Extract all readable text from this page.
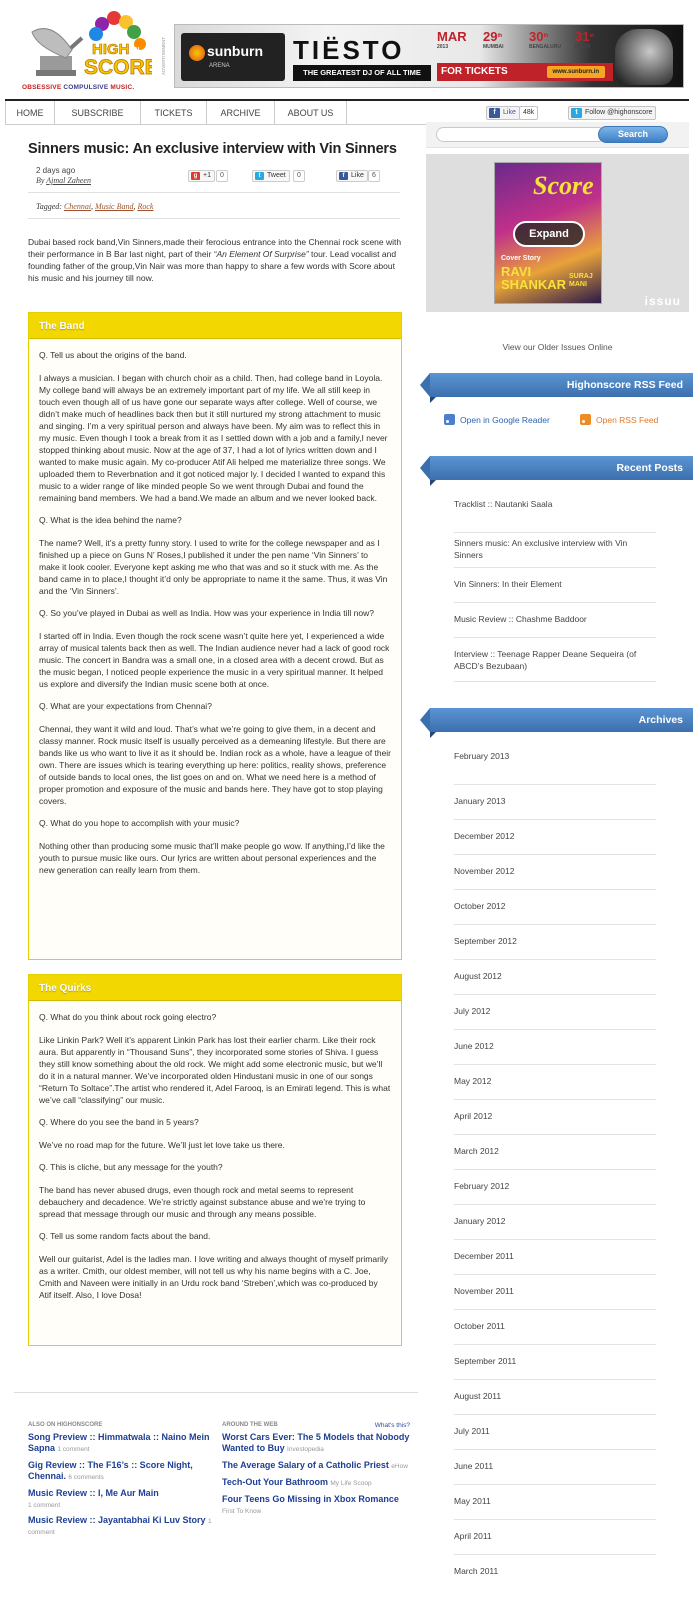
HIGH ON
SCORE
OBSESSIVE COMPULSIVE MUSIC.
ADVERTISEMENT	sunburn
ARENA
TIËSTO
THE GREATEST DJ OF ALL TIME
MAR
2013
29th
MUMBAI
30th
BENGALURU
31st
DELHI
FOR TICKETS	www.sunburn.in
HOME	SUBSCRIBE	TICKETS	ARCHIVE	ABOUT US	f	Like	48k	t	Follow @highonscore
Sinners music: An exclusive interview with Vin Sinners
2 days ago
By Ajmal Zaheen	g +1	0	t Tweet	0	f Like	6
Tagged: Chennai, Music Band, Rock

Dubai based rock band,Vin Sinners,made their ferocious entrance into the Chennai rock scene with their performance in B Bar last night, part of their “An Element Of Surprise” tour. Lead vocalist and founding father of the group,Vin Nair was more than happy to share a few words with Score about his music and his journey till now.

The Band

Q. Tell us about the origins of the band.

I always a musician. I began with church choir as a child. Then, had college band in Loyola. My college band will always be an extremely important part of my life. We all still keep in touch even though all of us have gone our separate ways after college. Well of course, we didn’t make much of headlines back then but it still nurtured my strong attachment to music and singing. I’m a very spiritual person and always have been. My aim was to reflect this in my music. Even though I took a break from it as I settled down with a job and a family,I never stopped thinking about music. Now at the age of 37, I had a lot of lyrics written down and I wanted to make music again. My co-producer Atif Ali helped me materialize three songs. We uploaded them to Reverbnation and it got noticed major ly. I decided I wanted to expand this music to a wider range of like minded people So we went through Dubai and found the remaining band members. We had a band.We made an album and we never looked back.

Q. What is the idea behind the name?

The name? Well, it’s a pretty funny story. I used to write for the college newspaper and as I finished up a piece on Guns N’ Roses,I published it under the pen name ‘Vin Sinners’ to make it look cooler. Everyone kept asking me who that was and so it stuck with me. As the band came in to place,I thought it’d only be appropriate to name it the same. Thus, it was Vin and the ‘Vin Sinners’.

Q. So you’ve played in Dubai as well as India. How was your experience in India till now?

I started off in India. Even though the rock scene wasn’t quite here yet, I experienced a wide array of musical talents back then as well. The Indian audience never had a lack of good rock music. The concert in Bandra was a small one, in a closed area with a decent crowd. But as the music began, I noticed people experience the music in a very spiritual manner. It helped us explore and diversify the Indian music scene both at once.

Q. What are your expectations from Chennai?

Chennai, they want it wild and loud. That’s what we’re going to give them, in a decent and classy manner. Rock music itself is usually perceived as a demeaning lifestyle. But there are bands like us who want to live it as it should be. Indian rock as a whole, have a league of their own. There are issues which is tearing everything up here: politics, reality shows, preference of outside bands to local ones, the list goes on and on. What we need here is a method of proper promotion and exposure of the music and bands here. They have got to stop playing covers.

Q. What do you hope to accomplish with your music?

Nothing other than producing some music that’ll make people go wow. If anything,I’d like the youth to pursue music like ours. Our lyrics are written about personal experiences and the new generation can really learn from them.

The Quirks

Q. What do you think about rock going electro?

Like Linkin Park? Well it’s apparent Linkin Park has lost their earlier charm. Like their rock aura. But apparently in “Thousand Suns”, they incorporated some stories of Shiva. I guess they still know something about the old rock. We might add some electronic music, but we’ll do it in a natural manner. We’ve incorporated olden Hindustani music in one of our songs “Return To Soltace”.The artist who rendered it, Adel Farooq, is an Emirati legend. This is what we’ve call “classifying” our music.

Q. Where do you see the band in 5 years?

We’ve no road map for the future. We’ll just let love take us there.

Q. This is cliche, but any message for the youth?

The band has never abused drugs, even though rock and metal seems to represent debauchery and decadence. We’re strictly against substance abuse and we’re trying to spread that message through our music and through any means possible.

Q. Tell us some random facts about the band.

Well our guitarist, Adel is the ladies man. I love writing and always thought of myself primarily as a writer. Cmith, our oldest member, will not tell us why his name begins with a C. Joe, Cmith and Naveen were initially in an Urdu rock band ‘Streben’,which was co-produced by Atif itself. Also, I love Dosa!

ALSO ON HIGHONSCORE
Song Preview :: Himmatwala :: Naino Mein Sapna 1 comment
Gig Review :: The F16’s :: Score Night, Chennai. 6 comments
Music Review :: I, Me Aur Main
1 comment
Music Review :: Jayantabhai Ki Luv Story 1 comment
AROUND THE WEB	What's this?
Worst Cars Ever: The 5 Models that Nobody Wanted to Buy Investopedia
The Average Salary of a Catholic Priest eHow
Tech-Out Your Bathroom My Life Scoop
Four Teens Go Missing in Xbox Romance First To Know
Search
Score
Cover Story
RAVI
SHANKAR
SURAJ
MANI
Expand
issuu
View our Older Issues Online
Highonscore RSS Feed
Open in Google Reader	Open RSS Feed
Recent Posts
Tracklist :: Nautanki Saala
Sinners music: An exclusive interview with Vin Sinners
Vin Sinners: In their Element
Music Review :: Chashme Baddoor
Interview :: Teenage Rapper Deane Sequeira (of ABCD’s Bezubaan)
Archives
February 2013
January 2013
December 2012
November 2012
October 2012
September 2012
August 2012
July 2012
June 2012
May 2012
April 2012
March 2012
February 2012
January 2012
December 2011
November 2011
October 2011
September 2011
August 2011
July 2011
June 2011
May 2011
April 2011
March 2011
